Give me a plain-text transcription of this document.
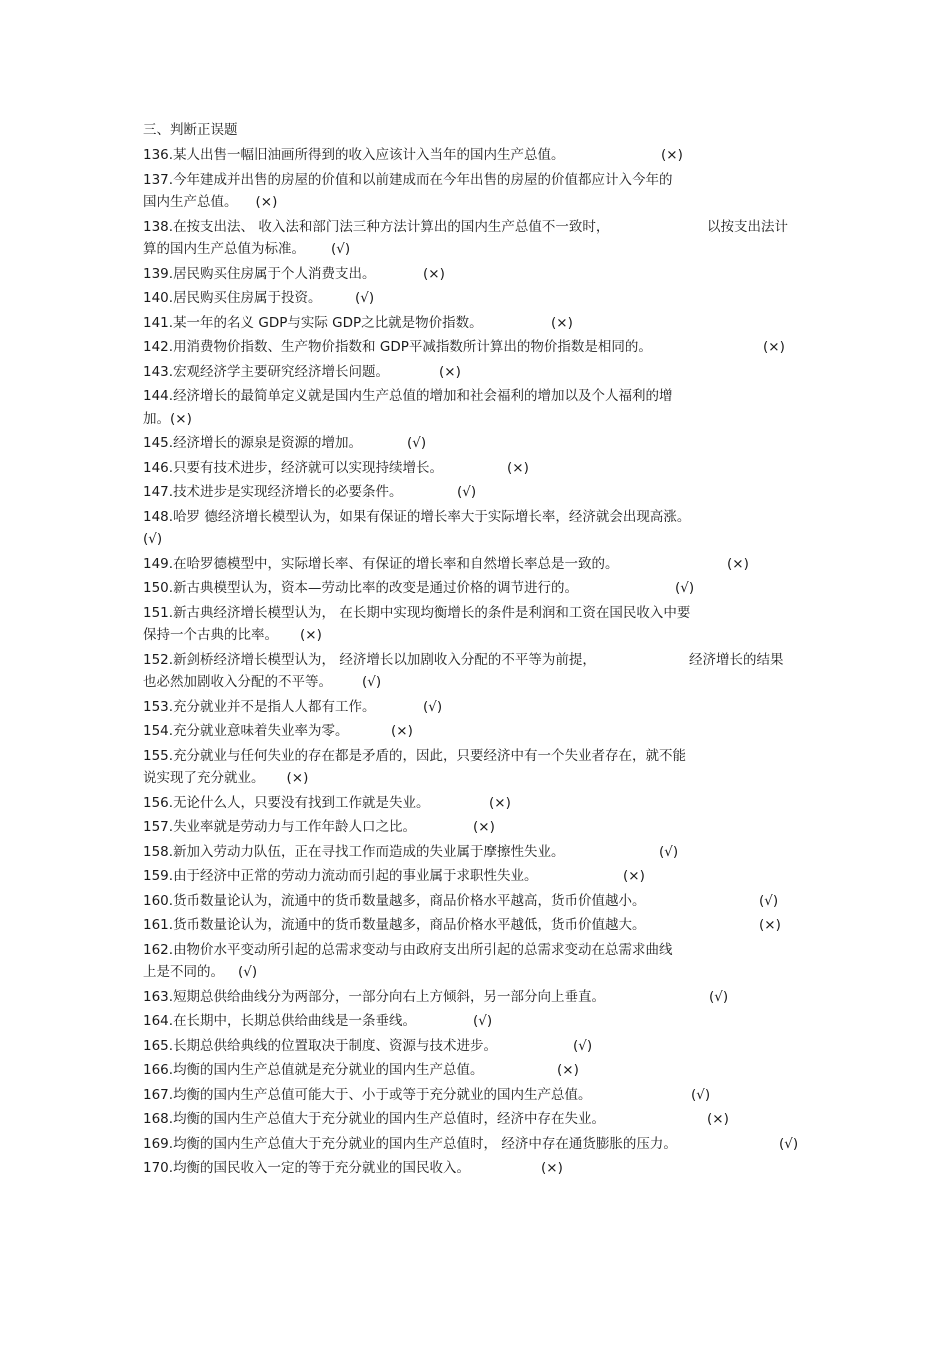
三、判断正误题
136.某人出售一幅旧油画所得到的收入应该计入当年的国内生产总值。	(×)
137.今年建成并出售的房屋的价值和以前建成而在今年出售的房屋的价值都应计入今年的
国内生产总值。 (×)
138.在按支出法、 收入法和部门法三种方法计算出的国内生产总值不一致时，	以按支出法计
算的国内生产总值为标准。 (√)
139.居民购买住房属于个人消费支出。	(×)
140.居民购买住房属于投资。 (√)
141.某一年的名义 GDP与实际 GDP之比就是物价指数。	(×)
142.用消费物价指数、生产物价指数和 GDP平减指数所计算出的物价指数是相同的。	(×)
143.宏观经济学主要研究经济增长问题。	(×)
144.经济增长的最简单定义就是国内生产总值的增加和社会福利的增加以及个人福利的增
加。(×)
145.经济增长的源泉是资源的增加。	(√)
146.只要有技术进步，经济就可以实现持续增长。	(×)
147.技术进步是实现经济增长的必要条件。	(√)
148.哈罗 德经济增长模型认为，如果有保证的增长率大于实际增长率，经济就会出现高涨。
(√)
149.在哈罗德模型中，实际增长率、有保证的增长率和自然增长率总是一致的。	(×)
150.新古典模型认为，资本—劳动比率的改变是通过价格的调节进行的。	(√)
151.新古典经济增长模型认为， 在长期中实现均衡增长的条件是利润和工资在国民收入中要
保持一个古典的比率。 (×)
152.新剑桥经济增长模型认为， 经济增长以加剧收入分配的不平等为前提，	经济增长的结果
也必然加剧收入分配的不平等。 (√)
153.充分就业并不是指人人都有工作。	(√)
154.充分就业意味着失业率为零。	(×)
155.充分就业与任何失业的存在都是矛盾的，因此，只要经济中有一个失业者存在，就不能
说实现了充分就业。 (×)
156.无论什么人，只要没有找到工作就是失业。	(×)
157.失业率就是劳动力与工作年龄人口之比。	(×)
158.新加入劳动力队伍，正在寻找工作而造成的失业属于摩擦性失业。	(√)
159.由于经济中正常的劳动力流动而引起的事业属于求职性失业。	(×)
160.货币数量论认为，流通中的货币数量越多，商品价格水平越高，货币价值越小。	(√)
161.货币数量论认为，流通中的货币数量越多，商品价格水平越低，货币价值越大。	(×)
162.由物价水平变动所引起的总需求变动与由政府支出所引起的总需求变动在总需求曲线
上是不同的。 (√)
163.短期总供给曲线分为两部分，一部分向右上方倾斜，另一部分向上垂直。	(√)
164.在长期中，长期总供给曲线是一条垂线。	(√)
165.长期总供给典线的位置取决于制度、资源与技术进步。	(√)
166.均衡的国内生产总值就是充分就业的国内生产总值。	(×)
167.均衡的国内生产总值可能大于、小于或等于充分就业的国内生产总值。	(√)
168.均衡的国内生产总值大于充分就业的国内生产总值时，经济中存在失业。	(×)
169.均衡的国内生产总值大于充分就业的国内生产总值时， 经济中存在通货膨胀的压力。	(√)
170.均衡的国民收入一定的等于充分就业的国民收入。	(×)
